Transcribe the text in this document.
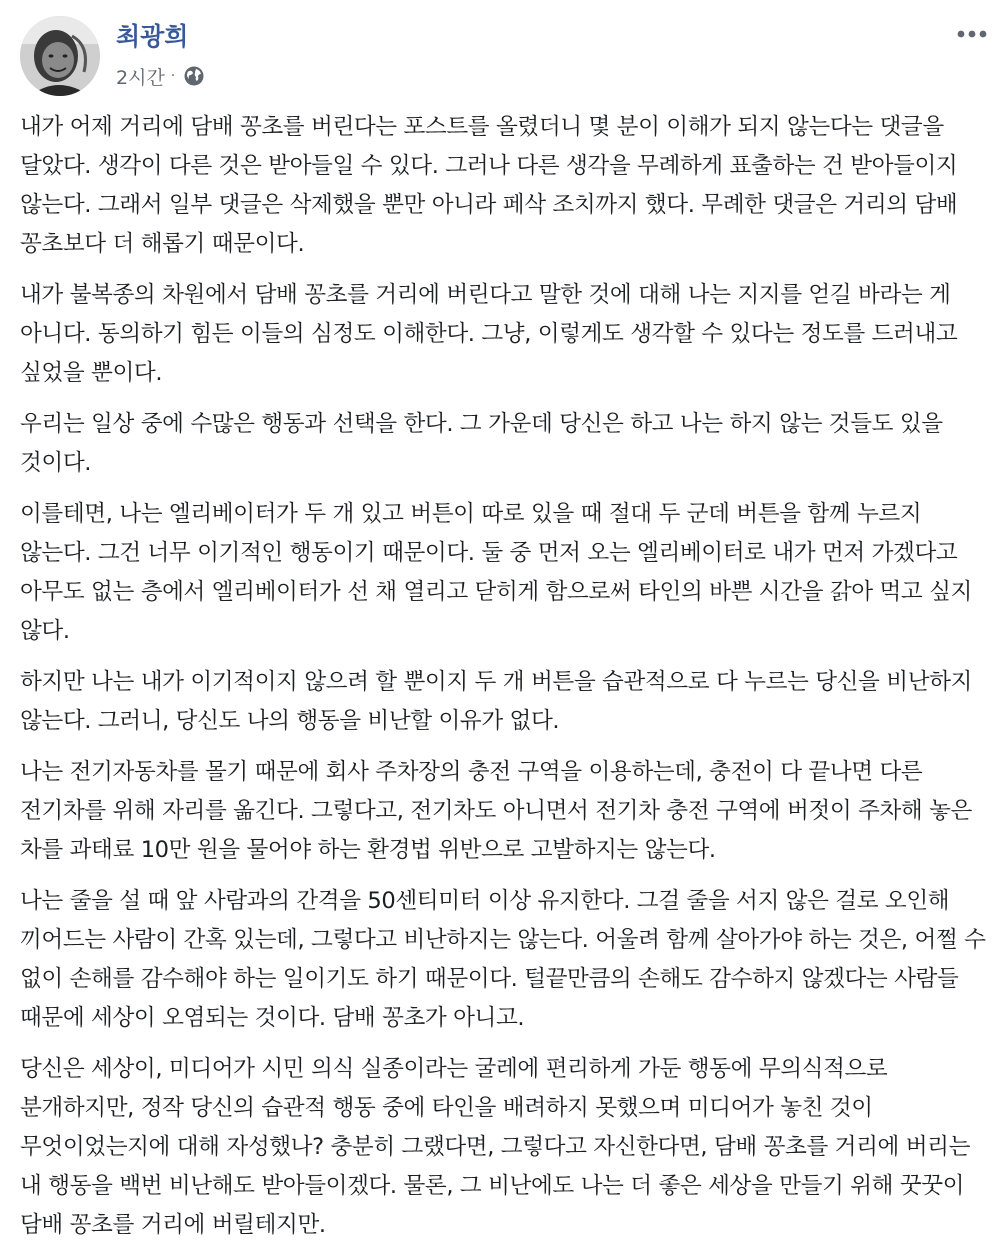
최광희
2시간 ·

내가 어제 거리에 담배 꽁초를 버린다는 포스트를 올렸더니 몇 분이 이해가 되지 않는다는 댓글을 달았다. 생각이 다른 것은 받아들일 수 있다. 그러나 다른 생각을 무례하게 표출하는 건 받아들이지 않는다. 그래서 일부 댓글은 삭제했을 뿐만 아니라 페삭 조치까지 했다. 무례한 댓글은 거리의 담배 꽁초보다 더 해롭기 때문이다.

내가 불복종의 차원에서 담배 꽁초를 거리에 버린다고 말한 것에 대해 나는 지지를 얻길 바라는 게 아니다. 동의하기 힘든 이들의 심정도 이해한다. 그냥, 이렇게도 생각할 수 있다는 정도를 드러내고 싶었을 뿐이다.

우리는 일상 중에 수많은 행동과 선택을 한다. 그 가운데 당신은 하고 나는 하지 않는 것들도 있을 것이다.

이를테면, 나는 엘리베이터가 두 개 있고 버튼이 따로 있을 때 절대 두 군데 버튼을 함께 누르지 않는다. 그건 너무 이기적인 행동이기 때문이다. 둘 중 먼저 오는 엘리베이터로 내가 먼저 가겠다고 아무도 없는 층에서 엘리베이터가 선 채 열리고 닫히게 함으로써 타인의 바쁜 시간을 갉아 먹고 싶지 않다.

하지만 나는 내가 이기적이지 않으려 할 뿐이지 두 개 버튼을 습관적으로 다 누르는 당신을 비난하지 않는다. 그러니, 당신도 나의 행동을 비난할 이유가 없다.

나는 전기자동차를 몰기 때문에 회사 주차장의 충전 구역을 이용하는데, 충전이 다 끝나면 다른 전기차를 위해 자리를 옮긴다. 그렇다고, 전기차도 아니면서 전기차 충전 구역에 버젓이 주차해 놓은 차를 과태료 10만 원을 물어야 하는 환경법 위반으로 고발하지는 않는다.

나는 줄을 설 때 앞 사람과의 간격을 50센티미터 이상 유지한다. 그걸 줄을 서지 않은 걸로 오인해 끼어드는 사람이 간혹 있는데, 그렇다고 비난하지는 않는다. 어울려 함께 살아가야 하는 것은, 어쩔 수 없이 손해를 감수해야 하는 일이기도 하기 때문이다. 털끝만큼의 손해도 감수하지 않겠다는 사람들 때문에 세상이 오염되는 것이다. 담배 꽁초가 아니고.

당신은 세상이, 미디어가 시민 의식 실종이라는 굴레에 편리하게 가둔 행동에 무의식적으로 분개하지만, 정작 당신의 습관적 행동 중에 타인을 배려하지 못했으며 미디어가 놓친 것이 무엇이었는지에 대해 자성했나? 충분히 그랬다면, 그렇다고 자신한다면, 담배 꽁초를 거리에 버리는 내 행동을 백번 비난해도 받아들이겠다. 물론, 그 비난에도 나는 더 좋은 세상을 만들기 위해 꿋꿋이 담배 꽁초를 거리에 버릴테지만.
